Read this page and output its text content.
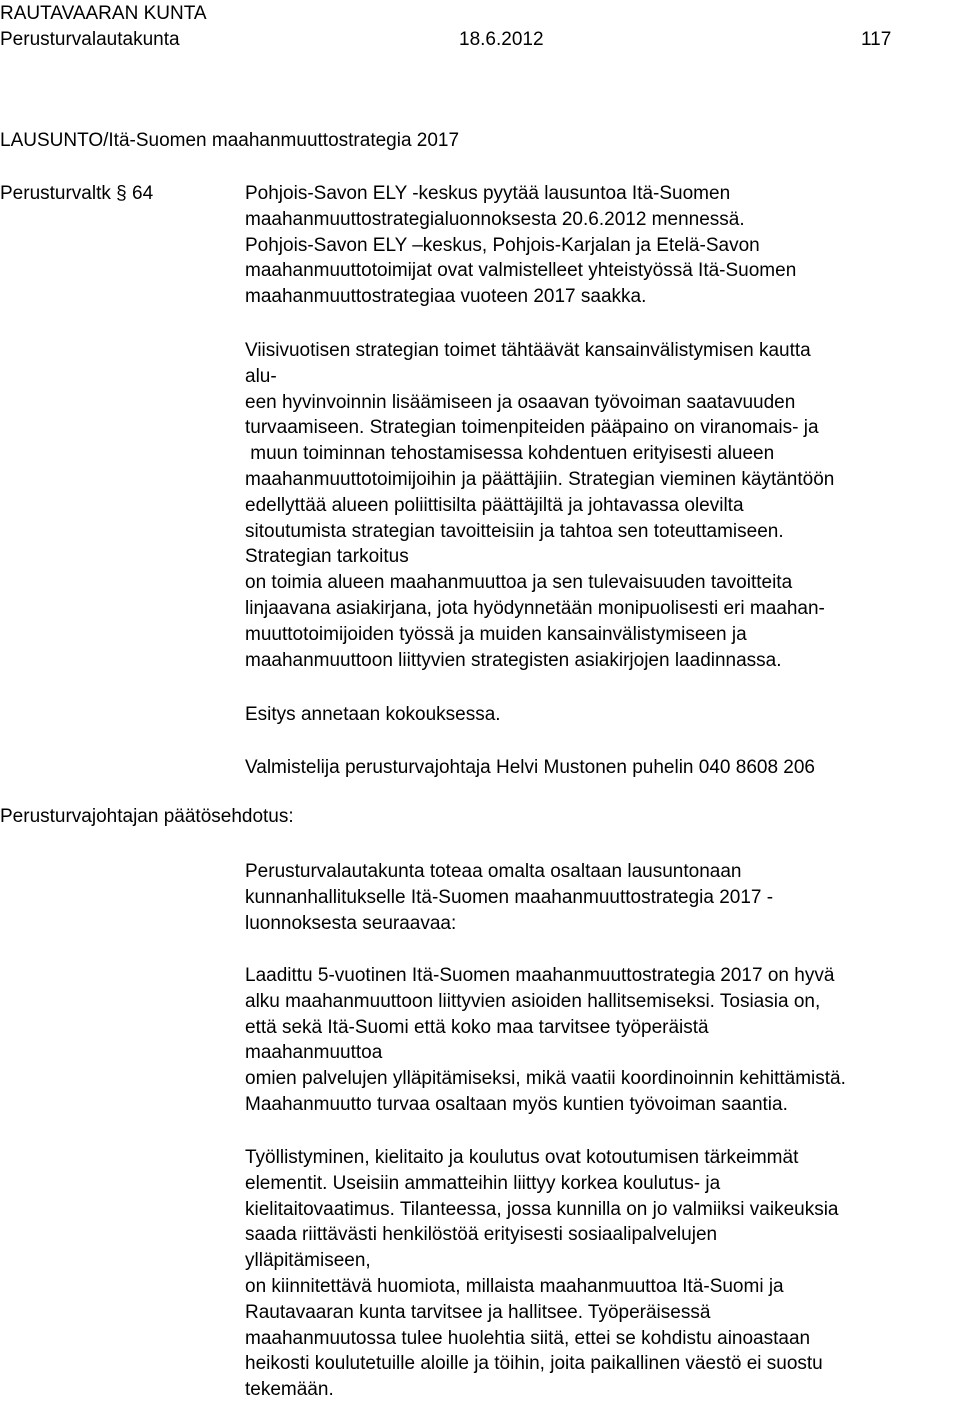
RAUTAVAARAN KUNTA
Perusturvalautakunta	18.6.2012	117
LAUSUNTO/Itä-Suomen maahanmuuttostrategia 2017
Perusturvaltk § 64
Perusturvajohtajan päätösehdotus:
Pohjois-Savon ELY -keskus pyytää lausuntoa Itä-Suomen
maahanmuuttostrategialuonnoksesta 20.6.2012 mennessä.
Pohjois-Savon ELY –keskus, Pohjois-Karjalan ja Etelä-Savon
maahanmuuttotoimijat ovat valmistelleet yhteistyössä Itä-Suomen
maahanmuuttostrategiaa vuoteen 2017 saakka.
Viisivuotisen strategian toimet tähtäävät kansainvälistymisen kautta
alu-
een hyvinvoinnin lisäämiseen ja osaavan työvoiman saatavuuden
turvaamiseen. Strategian toimenpiteiden pääpaino on viranomais- ja
muun toiminnan tehostamisessa kohdentuen erityisesti alueen
maahanmuuttotoimijoihin ja päättäjiin. Strategian vieminen käytäntöön
edellyttää alueen poliittisilta päättäjiltä ja johtavassa olevilta
sitoutumista strategian tavoitteisiin ja tahtoa sen toteuttamiseen.
Strategian tarkoitus
on toimia alueen maahanmuuttoa ja sen tulevaisuuden tavoitteita
linjaavana asiakirjana, jota hyödynnetään monipuolisesti eri maahan-
muuttotoimijoiden työssä ja muiden kansainvälistymiseen ja
maahanmuuttoon liittyvien strategisten asiakirjojen laadinnassa.
Esitys annetaan kokouksessa.
Valmistelija perusturvajohtaja Helvi Mustonen puhelin 040 8608 206
Perusturvalautakunta toteaa omalta osaltaan lausuntonaan
kunnanhallitukselle Itä-Suomen maahanmuuttostrategia 2017 -
luonnoksesta seuraavaa:
Laadittu 5-vuotinen Itä-Suomen maahanmuuttostrategia 2017 on hyvä
alku maahanmuuttoon liittyvien asioiden hallitsemiseksi. Tosiasia on,
että sekä Itä-Suomi että koko maa tarvitsee työperäistä
maahanmuuttoa
omien palvelujen ylläpitämiseksi, mikä vaatii koordinoinnin kehittämistä.
Maahanmuutto turvaa osaltaan myös kuntien työvoiman saantia.
Työllistyminen, kielitaito ja koulutus ovat kotoutumisen tärkeimmät
elementit. Useisiin ammatteihin liittyy korkea koulutus- ja
kielitaitovaatimus. Tilanteessa, jossa kunnilla on jo valmiiksi vaikeuksia
saada riittävästi henkilöstöä erityisesti sosiaalipalvelujen
ylläpitämiseen,
on kiinnitettävä huomiota, millaista maahanmuuttoa Itä-Suomi ja
Rautavaaran kunta tarvitsee ja hallitsee. Työperäisessä
maahanmuutossa tulee huolehtia siitä, ettei se kohdistu ainoastaan
heikosti koulutetuille aloille ja töihin, joita paikallinen väestö ei suostu
tekemään.
